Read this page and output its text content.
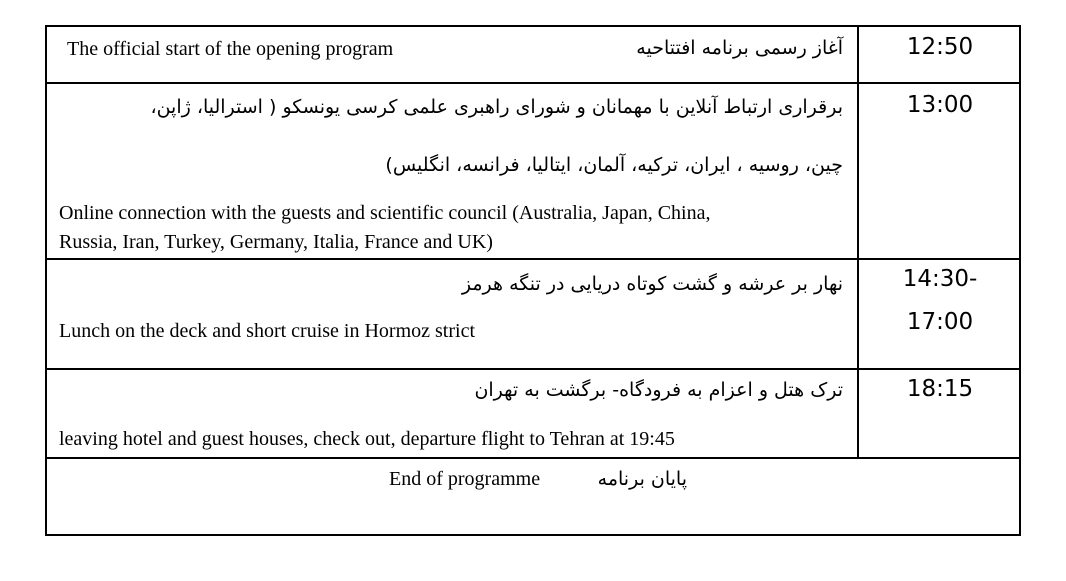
The official start of the opening program	آغاز رسمی برنامه افتتاحیه	12:50
برقراری ارتباط آنلاین با مهمانان و شورای راهبری علمی کرسی یونسکو ( استرالیا، ژاپن،
چین، روسیه ، ایران، ترکیه، آلمان، ایتالیا، فرانسه، انگلیس)
Online connection with the guests and scientific council (Australia, Japan, China,
Russia, Iran, Turkey, Germany, Italia, France and UK)
13:00
نهار بر عرشه و گشت کوتاه دریایی در تنگه هرمز
Lunch on the deck and short cruise in Hormoz strict
14:30-
17:00
ترک هتل و اعزام به فرودگاه- برگشت به تهران
leaving hotel and guest houses, check out, departure flight to Tehran at 19:45
18:15
End of programme	پایان برنامه
